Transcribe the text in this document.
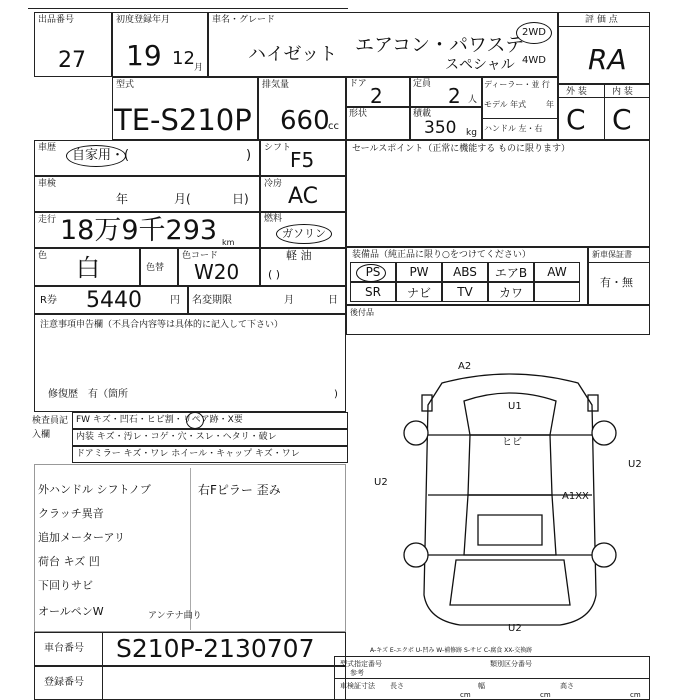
出品番号
27
初度登録年月
19 12 月
車名・グレード
ハイゼット エアコン・パワステ
スペシャル
2WD
4WD
評 価 点
RA
型式
TE-S210P
排気量
660
cc
ドア 2	定員 2 人
ディーラー・並 行
モデル 年式 年
ハンドル 左・右
形状	積載
350 kg
外 装	内 装
C C
車歴 自家用・(	) シフト
F5	セールスポイント（正常に機能する ものに限ります）
車検
年	月(	日)
冷房 AC
走行 18万9千293 km
燃料
ガソリン
色 白	色替
色コード
W20
軽 油
( )
装備品（純正品に限り○をつけてください）
PS	PW	ABS	エアB	AW
SR	ナビ	TV	カワ
新車保証書
有・無
R券 5440	円 名変期限	月	日
後付品
注意事項申告欄（不具合内容等は具体的に記入して下さい）
修復歴　有（箇所	)
検査員記入欄
FW キズ・凹石・ヒビ割・リペア跡・X要
内装 キズ・汚レ・コゲ・穴・スレ・ヘタリ・破レ
ドアミラー キズ・ワレ ホイール・キャップ キズ・ワレ
外ハンドル シフトノブ
クラッチ異音
追加メーターアリ
荷台 キズ 凹
下回りサビ
オールペンW
右Fピラー 歪み
アンテナ曲り
車台番号 S210P-2130707
登録番号
A2
U1
ヒビ
U2
U2
A1XX
U2
A-キズ E-エクボ U-凹み W-補修跡 S-サビ C-腐食 XX-交換跡
型式指定番号
参考
類別区分番号
車検証寸法 長さ
cm
幅
cm
高さ
cm
